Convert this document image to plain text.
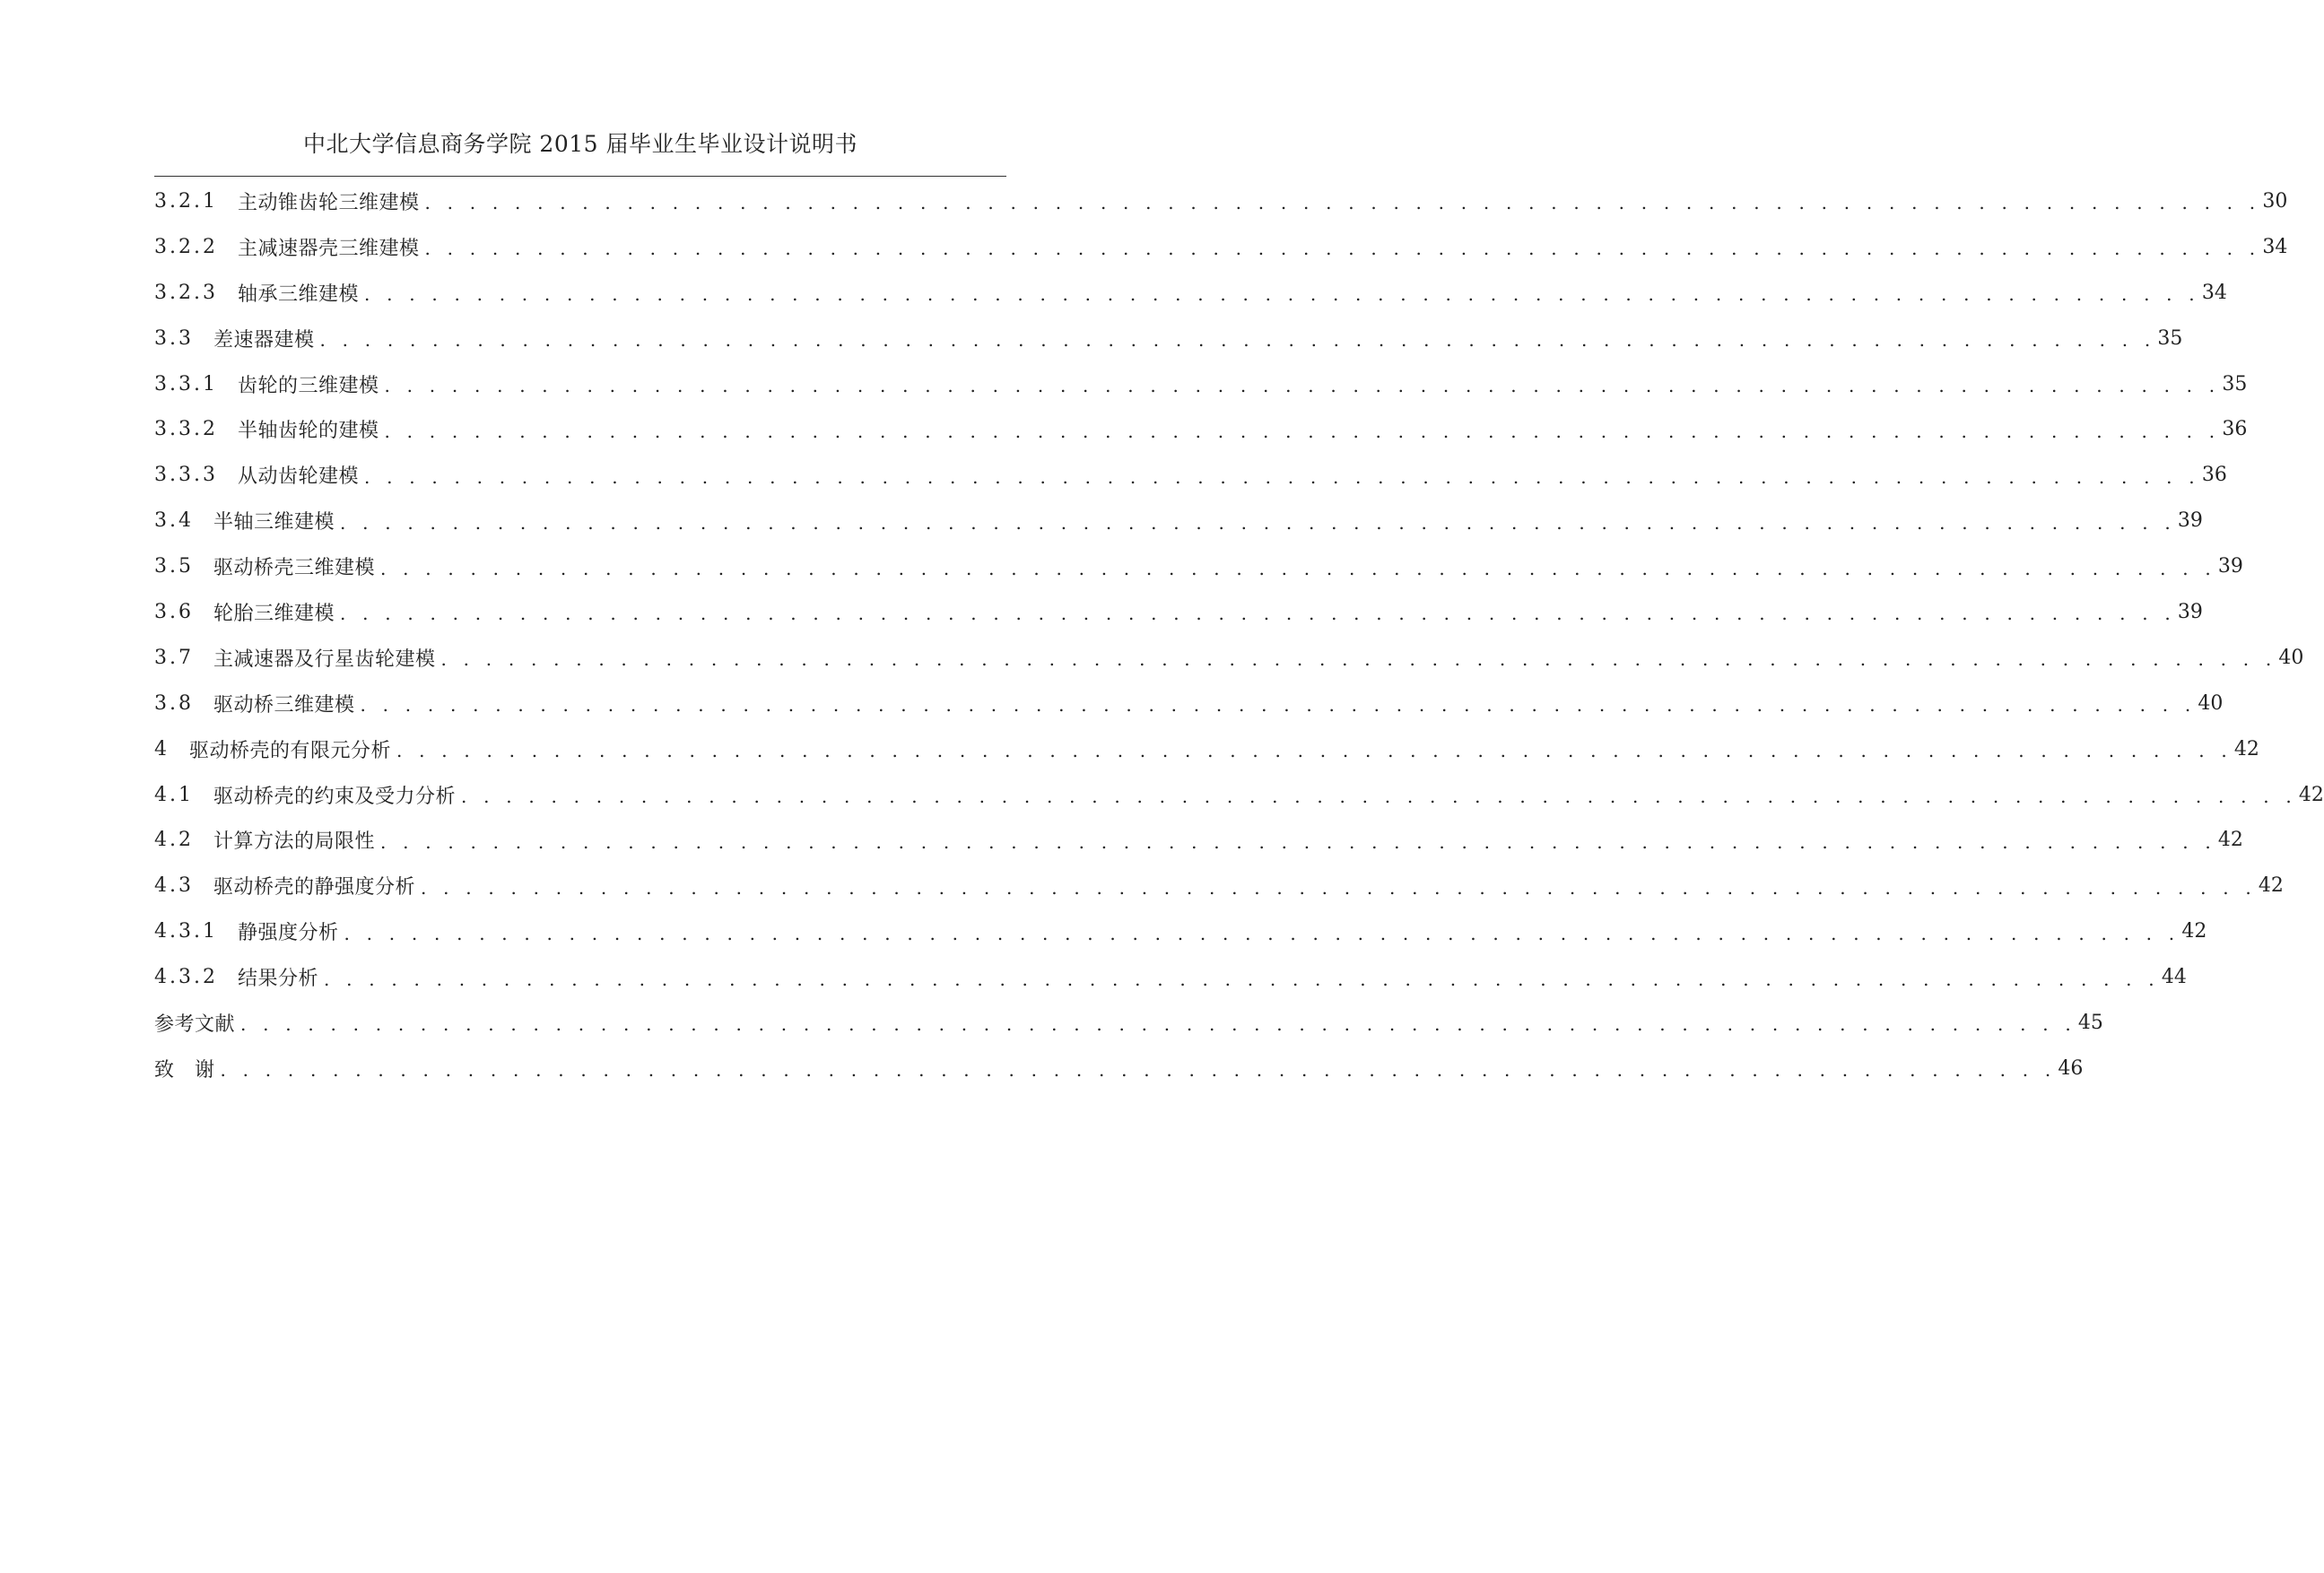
中北大学信息商务学院 2015 届毕业生毕业设计说明书
3.2.1 主动锥齿轮三维建模 . . . . . . . . . . . . . . . . . . . . . . . . . . . . . . . . . . . . . . . . . . . . . . . . . . . . . . . . . . . . . . . . . . . . . . . . . . . . . . . . . . 30
3.2.2 主减速器壳三维建模 . . . . . . . . . . . . . . . . . . . . . . . . . . . . . . . . . . . . . . . . . . . . . . . . . . . . . . . . . . . . . . . . . . . . . . . . . . . . . . . . . . 34
3.2.3 轴承三维建模 . . . . . . . . . . . . . . . . . . . . . . . . . . . . . . . . . . . . . . . . . . . . . . . . . . . . . . . . . . . . . . . . . . . . . . . . . . . . . . . . . . 34
3.3 差速器建模 . . . . . . . . . . . . . . . . . . . . . . . . . . . . . . . . . . . . . . . . . . . . . . . . . . . . . . . . . . . . . . . . . . . . . . . . . . . . . . . . . . 35
3.3.1 齿轮的三维建模 . . . . . . . . . . . . . . . . . . . . . . . . . . . . . . . . . . . . . . . . . . . . . . . . . . . . . . . . . . . . . . . . . . . . . . . . . . . . . . . . . . 35
3.3.2 半轴齿轮的建模 . . . . . . . . . . . . . . . . . . . . . . . . . . . . . . . . . . . . . . . . . . . . . . . . . . . . . . . . . . . . . . . . . . . . . . . . . . . . . . . . . . 36
3.3.3 从动齿轮建模 . . . . . . . . . . . . . . . . . . . . . . . . . . . . . . . . . . . . . . . . . . . . . . . . . . . . . . . . . . . . . . . . . . . . . . . . . . . . . . . . . . 36
3.4 半轴三维建模 . . . . . . . . . . . . . . . . . . . . . . . . . . . . . . . . . . . . . . . . . . . . . . . . . . . . . . . . . . . . . . . . . . . . . . . . . . . . . . . . . . 39
3.5 驱动桥壳三维建模 . . . . . . . . . . . . . . . . . . . . . . . . . . . . . . . . . . . . . . . . . . . . . . . . . . . . . . . . . . . . . . . . . . . . . . . . . . . . . . . . . . 39
3.6 轮胎三维建模 . . . . . . . . . . . . . . . . . . . . . . . . . . . . . . . . . . . . . . . . . . . . . . . . . . . . . . . . . . . . . . . . . . . . . . . . . . . . . . . . . . 39
3.7 主减速器及行星齿轮建模 . . . . . . . . . . . . . . . . . . . . . . . . . . . . . . . . . . . . . . . . . . . . . . . . . . . . . . . . . . . . . . . . . . . . . . . . . . . . . . . . . . 40
3.8 驱动桥三维建模 . . . . . . . . . . . . . . . . . . . . . . . . . . . . . . . . . . . . . . . . . . . . . . . . . . . . . . . . . . . . . . . . . . . . . . . . . . . . . . . . . . 40
4 驱动桥壳的有限元分析 . . . . . . . . . . . . . . . . . . . . . . . . . . . . . . . . . . . . . . . . . . . . . . . . . . . . . . . . . . . . . . . . . . . . . . . . . . . . . . . . . . 42
4.1 驱动桥壳的约束及受力分析 . . . . . . . . . . . . . . . . . . . . . . . . . . . . . . . . . . . . . . . . . . . . . . . . . . . . . . . . . . . . . . . . . . . . . . . . . . . . . . . . . . 42
4.2 计算方法的局限性 . . . . . . . . . . . . . . . . . . . . . . . . . . . . . . . . . . . . . . . . . . . . . . . . . . . . . . . . . . . . . . . . . . . . . . . . . . . . . . . . . . 42
4.3 驱动桥壳的静强度分析 . . . . . . . . . . . . . . . . . . . . . . . . . . . . . . . . . . . . . . . . . . . . . . . . . . . . . . . . . . . . . . . . . . . . . . . . . . . . . . . . . . 42
4.3.1 静强度分析 . . . . . . . . . . . . . . . . . . . . . . . . . . . . . . . . . . . . . . . . . . . . . . . . . . . . . . . . . . . . . . . . . . . . . . . . . . . . . . . . . . 42
4.3.2 结果分析 . . . . . . . . . . . . . . . . . . . . . . . . . . . . . . . . . . . . . . . . . . . . . . . . . . . . . . . . . . . . . . . . . . . . . . . . . . . . . . . . . . 44
参考文献 . . . . . . . . . . . . . . . . . . . . . . . . . . . . . . . . . . . . . . . . . . . . . . . . . . . . . . . . . . . . . . . . . . . . . . . . . . . . . . . . . . 45
致　谢 . . . . . . . . . . . . . . . . . . . . . . . . . . . . . . . . . . . . . . . . . . . . . . . . . . . . . . . . . . . . . . . . . . . . . . . . . . . . . . . . . . 46
